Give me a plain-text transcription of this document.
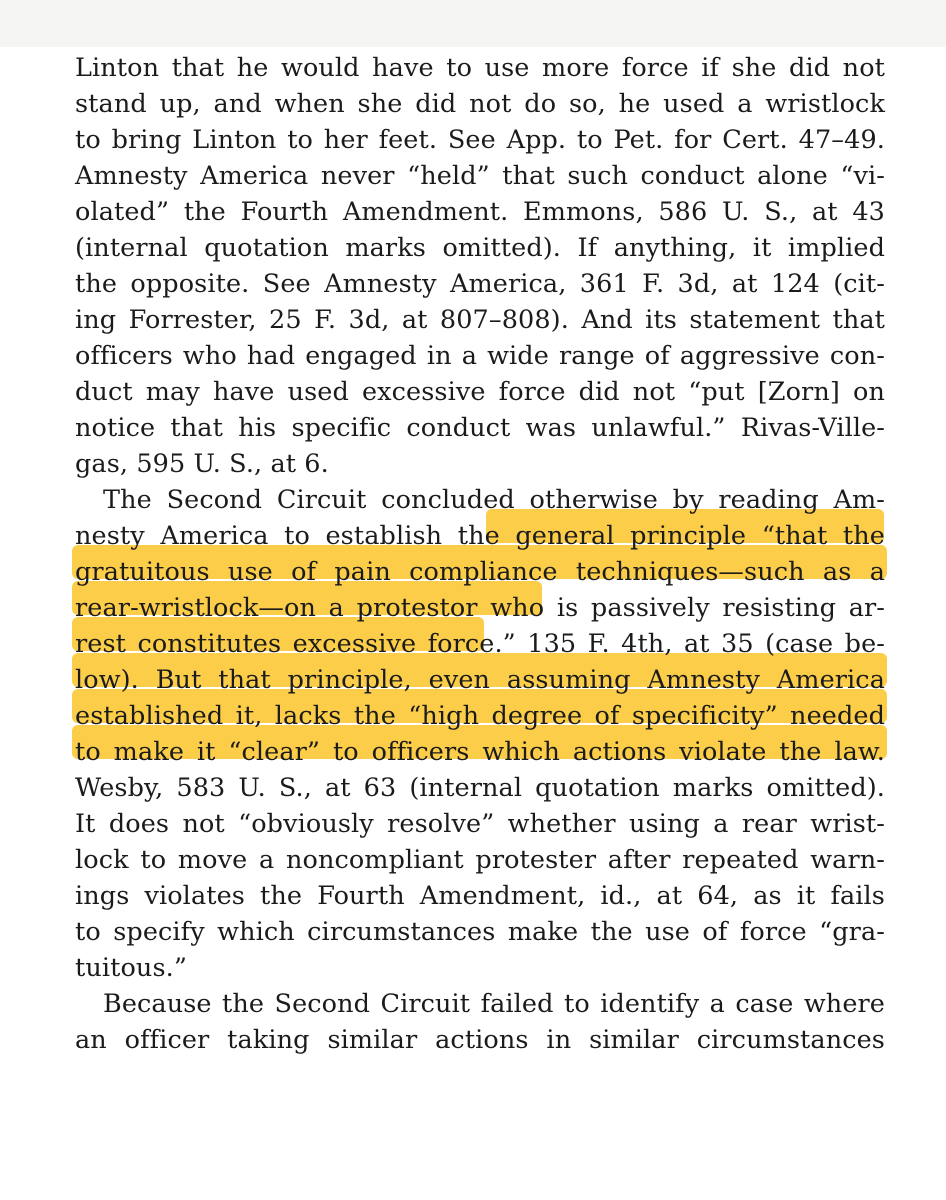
Linton that he would have to use more force if she did not
stand up, and when she did not do so, he used a wristlock
to bring Linton to her feet. See App. to Pet. for Cert. 47–49.
Amnesty America never “held” that such conduct alone “vi-
olated” the Fourth Amendment. Emmons, 586 U. S., at 43
(internal quotation marks omitted). If anything, it implied
the opposite. See Amnesty America, 361 F. 3d, at 124 (cit-
ing Forrester, 25 F. 3d, at 807–808). And its statement that
officers who had engaged in a wide range of aggressive con-
duct may have used excessive force did not “put [Zorn] on
notice that his specific conduct was unlawful.” Rivas-Ville-
gas, 595 U. S., at 6.
The Second Circuit concluded otherwise by reading Am-
nesty America to establish the general principle “that the
gratuitous use of pain compliance techniques—such as a
rear-wristlock—on a protestor who is passively resisting ar-
rest constitutes excessive force.” 135 F. 4th, at 35 (case be-
low). But that principle, even assuming Amnesty America
established it, lacks the “high degree of specificity” needed
to make it “clear” to officers which actions violate the law.
Wesby, 583 U. S., at 63 (internal quotation marks omitted).
It does not “obviously resolve” whether using a rear wrist-
lock to move a noncompliant protester after repeated warn-
ings violates the Fourth Amendment, id., at 64, as it fails
to specify which circumstances make the use of force “gra-
tuitous.”
Because the Second Circuit failed to identify a case where
an officer taking similar actions in similar circumstances
